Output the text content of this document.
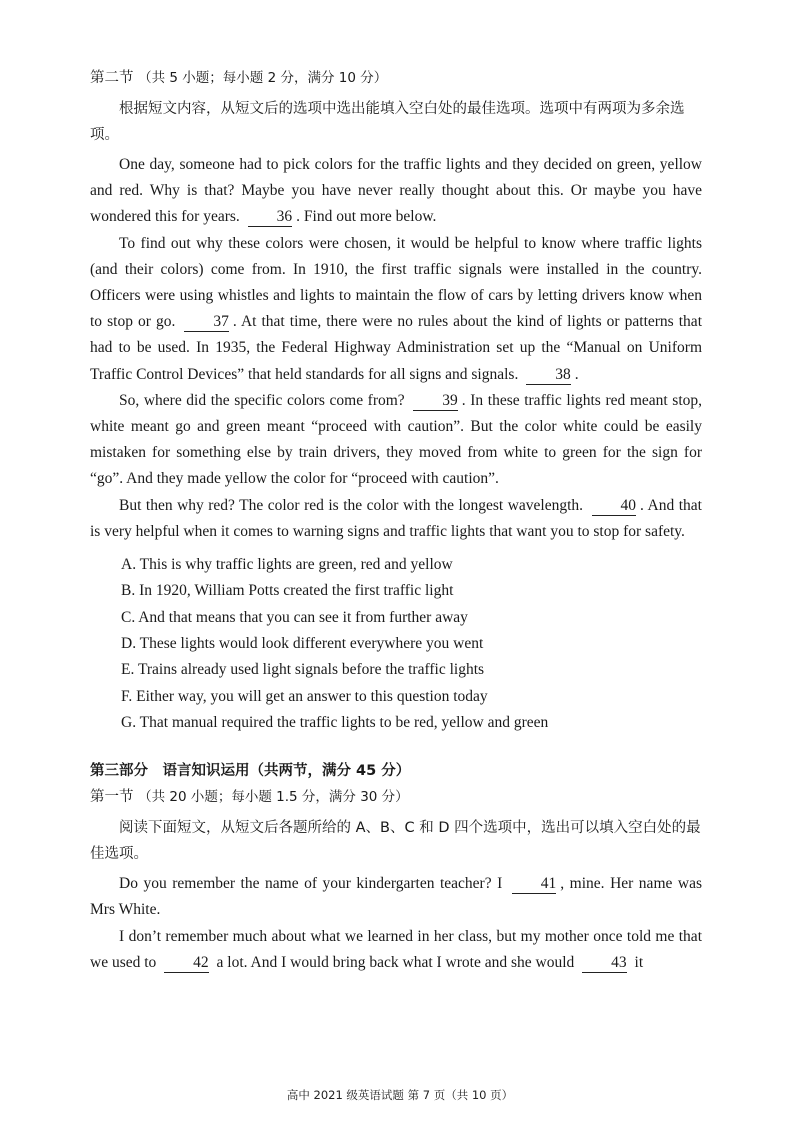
第二节 （共 5 小题；每小题 2 分，满分 10 分）

根据短文内容，从短文后的选项中选出能填入空白处的最佳选项。选项中有两项为多余选项。

One day, someone had to pick colors for the traffic lights and they decided on green, yellow and red. Why is that? Maybe you have never really thought about this. Or maybe you have wondered this for years. 36 . Find out more below.

To find out why these colors were chosen, it would be helpful to know where traffic lights (and their colors) come from. In 1910, the first traffic signals were installed in the country. Officers were using whistles and lights to maintain the flow of cars by letting drivers know when to stop or go. 37 . At that time, there were no rules about the kind of lights or patterns that had to be used. In 1935, the Federal Highway Administration set up the “Manual on Uniform Traffic Control Devices” that held standards for all signs and signals. 38 .

So, where did the specific colors come from? 39 . In these traffic lights red meant stop, white meant go and green meant “proceed with caution”. But the color white could be easily mistaken for something else by train drivers, they moved from white to green for the sign for “go”. And they made yellow the color for “proceed with caution”.

But then why red? The color red is the color with the longest wavelength. 40 . And that is very helpful when it comes to warning signs and traffic lights that want you to stop for safety.

A. This is why traffic lights are green, red and yellow
B. In 1920, William Potts created the first traffic light
C. And that means that you can see it from further away
D. These lights would look different everywhere you went
E. Trains already used light signals before the traffic lights
F. Either way, you will get an answer to this question today
G. That manual required the traffic lights to be red, yellow and green

第三部分　语言知识运用（共两节，满分 45 分）

第一节 （共 20 小题；每小题 1.5 分，满分 30 分）

阅读下面短文，从短文后各题所给的 A、B、C 和 D 四个选项中，选出可以填入空白处的最佳选项。

Do you remember the name of your kindergarten teacher? I 41 , mine. Her name was Mrs White.

I don’t remember much about what we learned in her class, but my mother once told me that we used to 42 a lot. And I would bring back what I wrote and she would 43 it

高中 2021 级英语试题 第 7 页（共 10 页）
